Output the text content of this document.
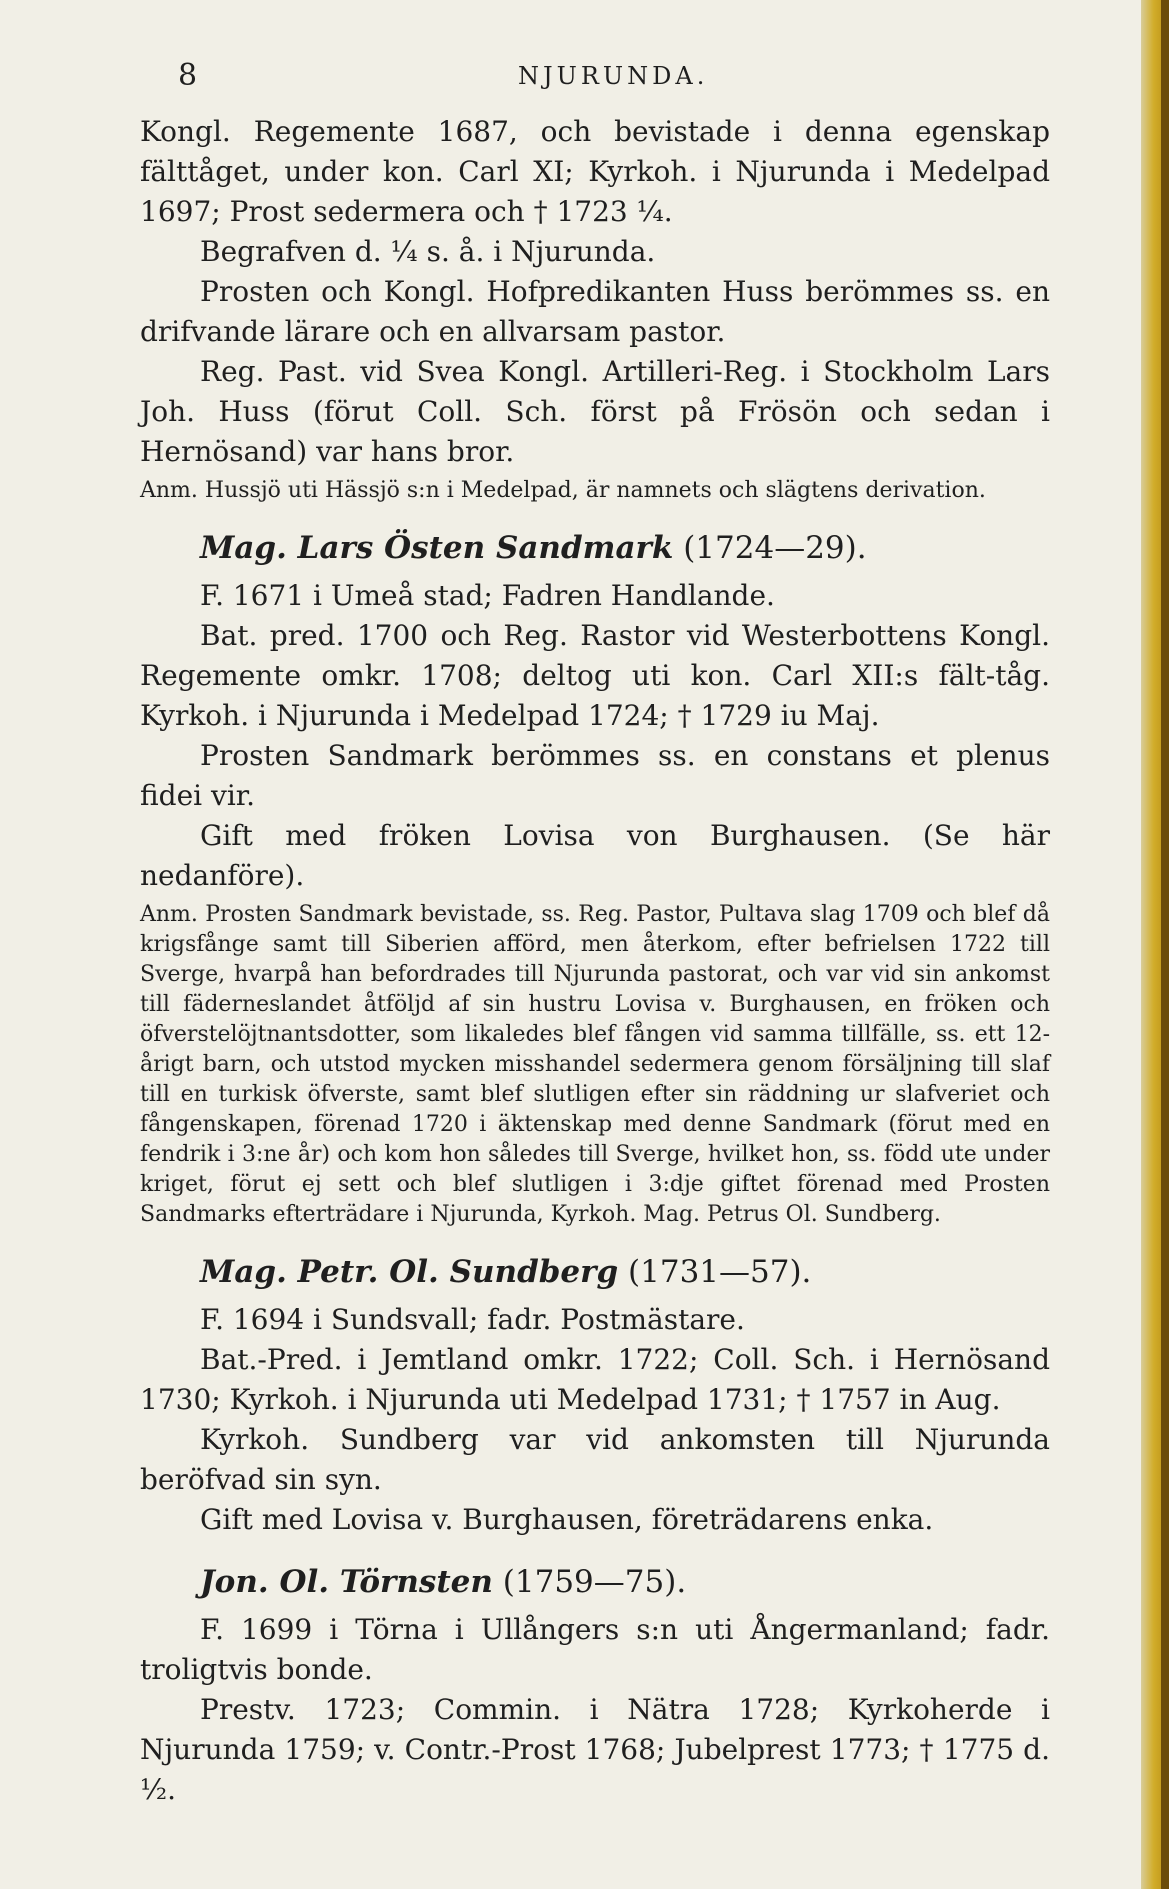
8	NJURUNDA.

Kongl. Regemente 1687, och bevistade i denna egenskap fälttåget, under kon. Carl XI; Kyrkoh. i Njurunda i Medelpad 1697; Prost sedermera och † 1723 ¼.

Begrafven d. ¼ s. å. i Njurunda.

Prosten och Kongl. Hofpredikanten Huss berömmes ss. en drifvande lärare och en allvarsam pastor.

Reg. Past. vid Svea Kongl. Artilleri-Reg. i Stockholm Lars Joh. Huss (förut Coll. Sch. först på Frösön och sedan i Hernösand) var hans bror.

Anm. Hussjö uti Hässjö s:n i Medelpad, är namnets och slägtens derivation.

Mag. Lars Östen Sandmark (1724—29).

F. 1671 i Umeå stad; Fadren Handlande.

Bat. pred. 1700 och Reg. Rastor vid Westerbottens Kongl. Regemente omkr. 1708; deltog uti kon. Carl XII:s fält-tåg. Kyrkoh. i Njurunda i Medelpad 1724; † 1729 iu Maj.

Prosten Sandmark berömmes ss. en constans et plenus fidei vir.

Gift med fröken Lovisa von Burghausen. (Se här nedanföre).

Anm. Prosten Sandmark bevistade, ss. Reg. Pastor, Pultava slag 1709 och blef då krigsfånge samt till Siberien afförd, men återkom, efter befrielsen 1722 till Sverge, hvarpå han befordrades till Njurunda pastorat, och var vid sin ankomst till fäderneslandet åtföljd af sin hustru Lovisa v. Burghausen, en fröken och öfverstelöjtnantsdotter, som likaledes blef fången vid samma tillfälle, ss. ett 12-årigt barn, och utstod mycken misshandel sedermera genom försäljning till slaf till en turkisk öfverste, samt blef slutligen efter sin räddning ur slafveriet och fångenskapen, förenad 1720 i äktenskap med denne Sandmark (förut med en fendrik i 3:ne år) och kom hon således till Sverge, hvilket hon, ss. född ute under kriget, förut ej sett och blef slutligen i 3:dje giftet förenad med Prosten Sandmarks efterträdare i Njurunda, Kyrkoh. Mag. Petrus Ol. Sundberg.

Mag. Petr. Ol. Sundberg (1731—57).

F. 1694 i Sundsvall; fadr. Postmästare.

Bat.-Pred. i Jemtland omkr. 1722; Coll. Sch. i Hernösand 1730; Kyrkoh. i Njurunda uti Medelpad 1731; † 1757 in Aug.

Kyrkoh. Sundberg var vid ankomsten till Njurunda beröfvad sin syn.

Gift med Lovisa v. Burghausen, företrädarens enka.

Jon. Ol. Törnsten (1759—75).

F. 1699 i Törna i Ullångers s:n uti Ångermanland; fadr. troligtvis bonde.

Prestv. 1723; Commin. i Nätra 1728; Kyrkoherde i Njurunda 1759; v. Contr.-Prost 1768; Jubelprest 1773; † 1775 d. ½.
